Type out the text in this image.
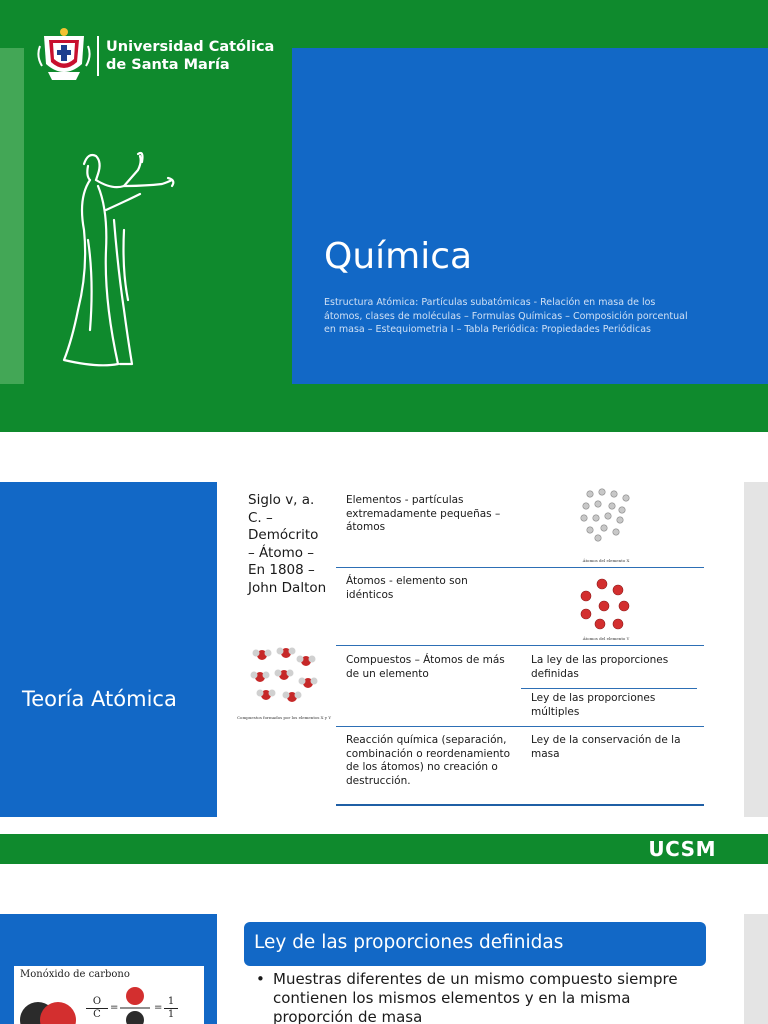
Universidad Católica
de Santa María
Química
Estructura Atómica: Partículas subatómicas - Relación en masa de los átomos, clases de moléculas – Formulas Químicas – Composición porcentual en masa – Estequiometria I – Tabla Periódica: Propiedades Periódicas
Teoría Atómica
Siglo v, a. C. – Demócrito – Átomo – En 1808 – John Dalton
Compuestos formados por los elementos X y Y
Elementos - partículas extremadamente pequeñas – átomos
Átomos del elemento X
Átomos - elemento son idénticos
Átomos del elemento Y
Compuestos – Átomos de más de un elemento
La ley de las proporciones definidas
Ley de las proporciones múltiples
Reacción química (separación, combinación o reordenamiento de los átomos) no creación o destrucción.
Ley de la conservación de la masa
UCSM
Monóxido de carbono
$\frac{O}{C}$ =	= $\frac{1}{1}$
Ley de las proporciones definidas
• Muestras diferentes de un mismo compuesto siempre contienen los mismos elementos y en la misma proporción de masa
